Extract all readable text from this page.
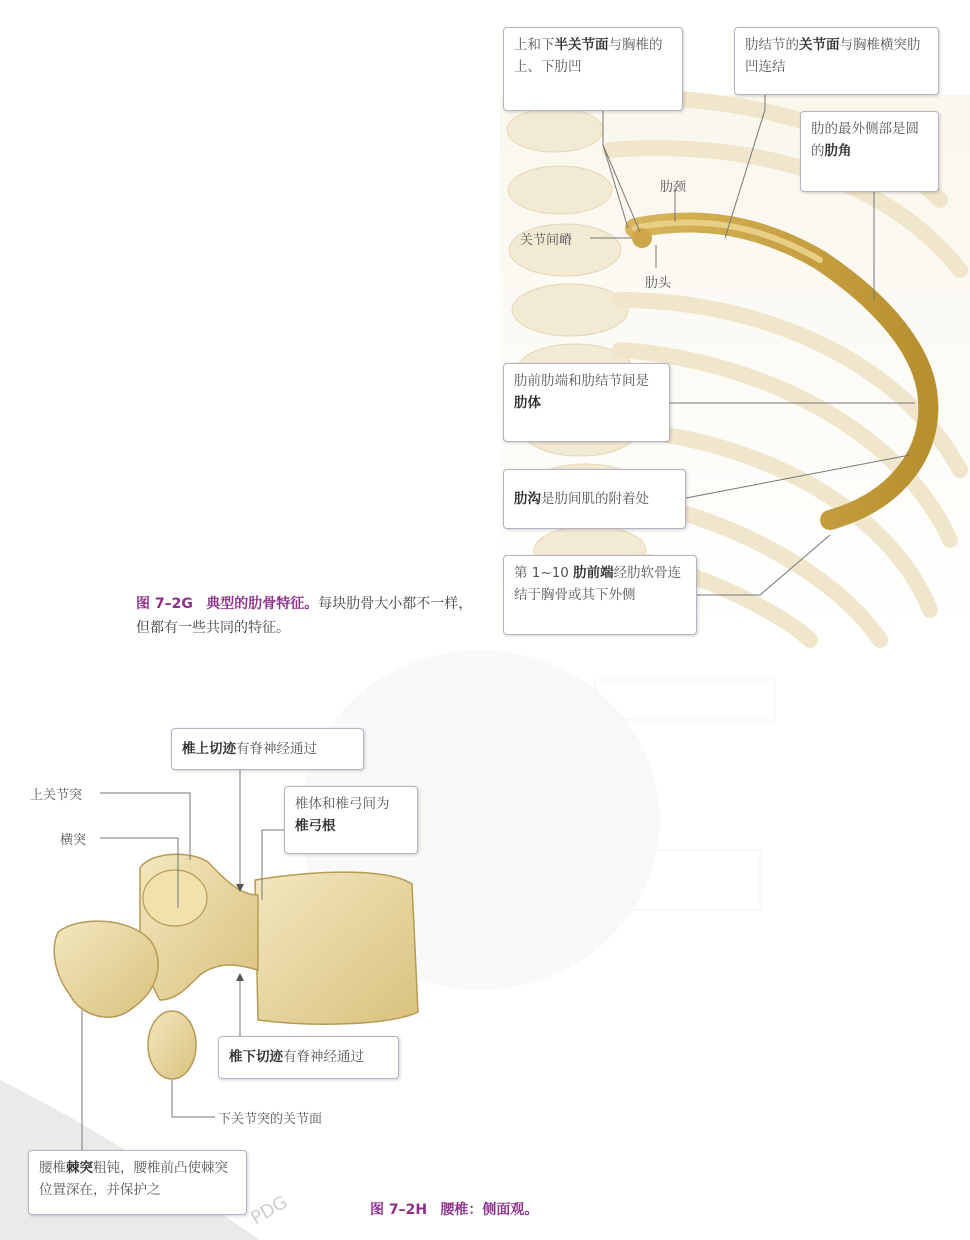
上和下半关节面与胸椎的上、下肋凹
肋结节的关节面与胸椎横突肋凹连结
肋的最外侧部是圆的肋角
肋前肋端和肋结节间是肋体
肋沟是肋间肌的附着处
第 1~10 肋前端经肋软骨连结于胸骨或其下外侧
肋颈
关节间嵴
肋头
图 7–2G 典型的肋骨特征。每块肋骨大小都不一样，但都有一些共同的特征。
椎上切迹有脊神经通过
椎体和椎弓间为
椎弓根
椎下切迹有脊神经通过
腰椎棘突粗钝，腰椎前凸使棘突位置深在，并保护之
上关节突
横突
下关节突的关节面
图 7–2H 腰椎：侧面观。
PDG
